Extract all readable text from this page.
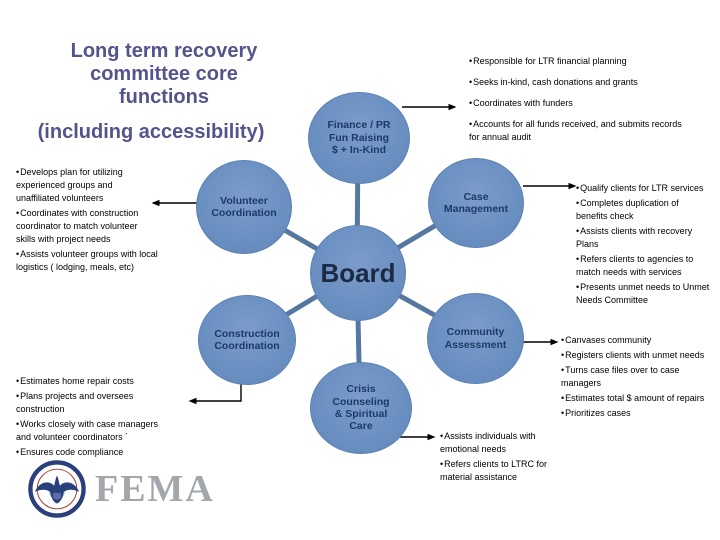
Long term recovery
committee core
functions
(including accessibility)	Finance / PR
Fun Raising
$ + In-Kind
Volunteer
Coordination
Case
Management
Board
Construction
Coordination
Community
Assessment
Crisis
Counseling
& Spiritual
Care

• Responsible for LTR financial planning

• Seeks in-kind, cash donations and grants

• Coordinates with funders

• Accounts for all funds received, and submits records for annual audit

• Develops plan for utilizing experienced groups and unaffiliated volunteers

• Coordinates with construction coordinator to match volunteer skills with project needs

• Assists volunteer groups with local logistics ( lodging, meals, etc)

• Qualify clients for LTR services

• Completes duplication of benefits check

• Assists clients with recovery Plans

• Refers clients to agencies to match needs with services

• Presents unmet needs to Unmet Needs Committee

• Canvases community

• Registers clients with unmet needs

• Turns case files over to case managers

• Estimates total $ amount of repairs

• Prioritizes cases

• Assists individuals with emotional needs

• Refers clients to LTRC for material assistance

• Estimates home repair costs

• Plans projects and oversees construction

• Works closely with case managers and volunteer coordinators ´

• Ensures code compliance

FEMA
